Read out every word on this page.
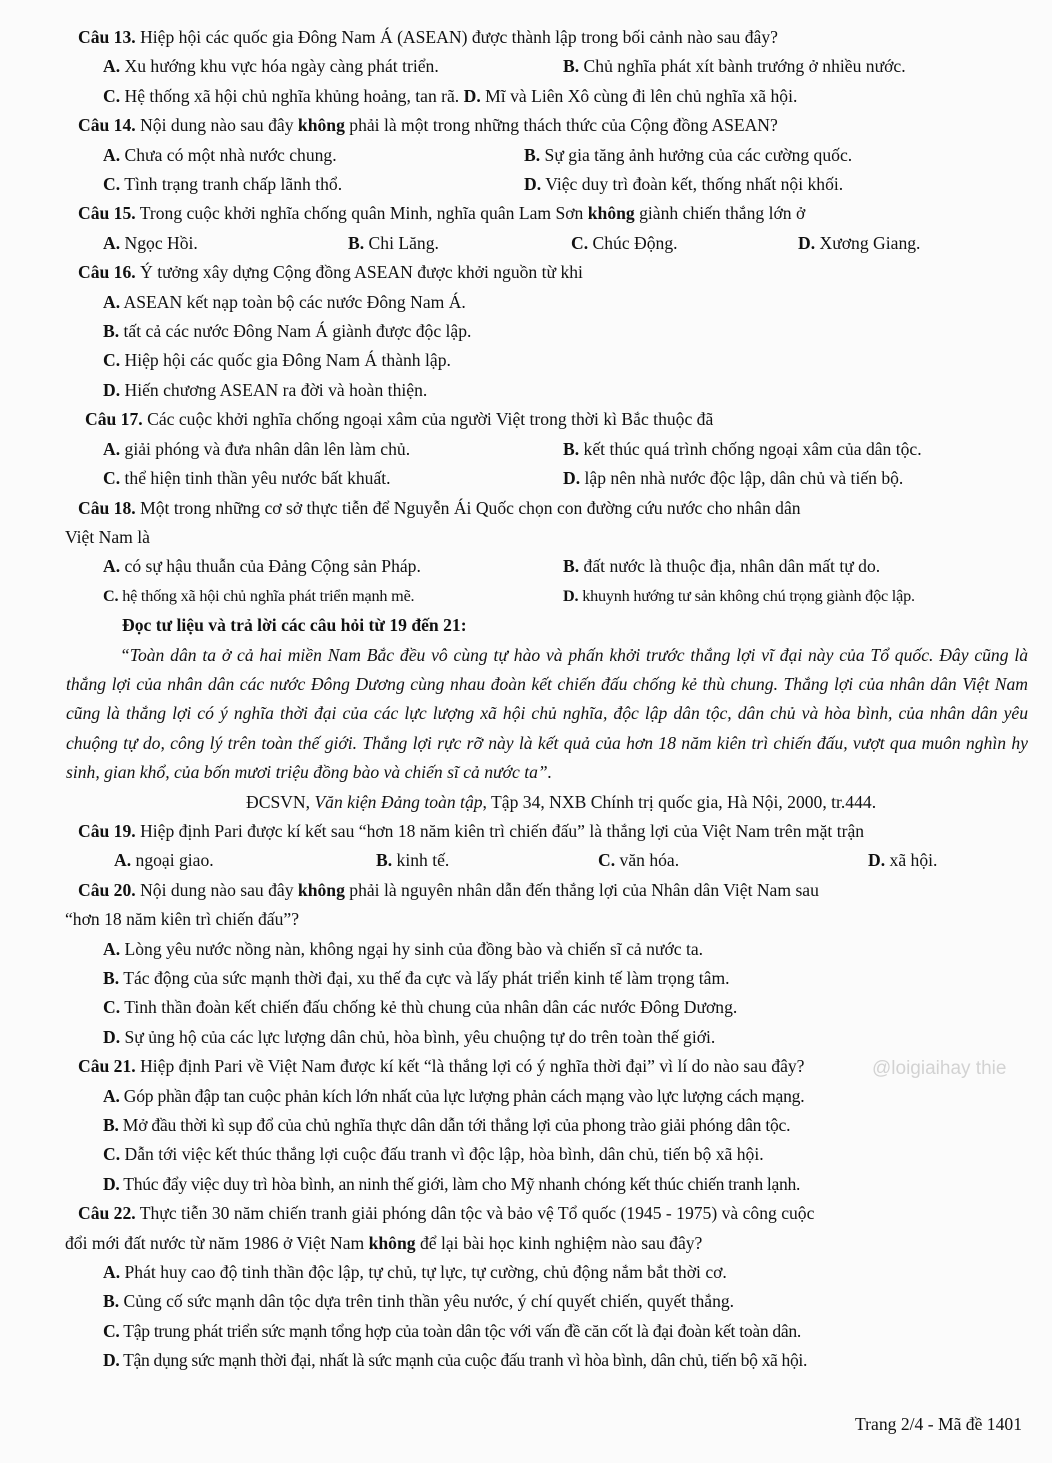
Câu 13. Hiệp hội các quốc gia Đông Nam Á (ASEAN) được thành lập trong bối cảnh nào sau đây?

A. Xu hướng khu vực hóa ngày càng phát triển.	B. Chủ nghĩa phát xít bành trướng ở nhiều nước.
C. Hệ thống xã hội chủ nghĩa khủng hoảng, tan rã. D. Mĩ và Liên Xô cùng đi lên chủ nghĩa xã hội.

Câu 14. Nội dung nào sau đây không phải là một trong những thách thức của Cộng đồng ASEAN?

A. Chưa có một nhà nước chung.	B. Sự gia tăng ảnh hưởng của các cường quốc.
C. Tình trạng tranh chấp lãnh thổ.	D. Việc duy trì đoàn kết, thống nhất nội khối.

Câu 15. Trong cuộc khởi nghĩa chống quân Minh, nghĩa quân Lam Sơn không giành chiến thắng lớn ở

A. Ngọc Hồi.	B. Chi Lăng.	C. Chúc Động.	D. Xương Giang.

Câu 16. Ý tưởng xây dựng Cộng đồng ASEAN được khởi nguồn từ khi

A. ASEAN kết nạp toàn bộ các nước Đông Nam Á.
B. tất cả các nước Đông Nam Á giành được độc lập.
C. Hiệp hội các quốc gia Đông Nam Á thành lập.
D. Hiến chương ASEAN ra đời và hoàn thiện.

Câu 17. Các cuộc khởi nghĩa chống ngoại xâm của người Việt trong thời kì Bắc thuộc đã

A. giải phóng và đưa nhân dân lên làm chủ.	B. kết thúc quá trình chống ngoại xâm của dân tộc.
C. thể hiện tinh thần yêu nước bất khuất.	D. lập nên nhà nước độc lập, dân chủ và tiến bộ.

Câu 18. Một trong những cơ sở thực tiễn để Nguyễn Ái Quốc chọn con đường cứu nước cho nhân dân
Việt Nam là

A. có sự hậu thuẫn của Đảng Cộng sản Pháp.	B. đất nước là thuộc địa, nhân dân mất tự do.
C. hệ thống xã hội chủ nghĩa phát triển mạnh mẽ.	D. khuynh hướng tư sản không chú trọng giành độc lập.

Đọc tư liệu và trả lời các câu hỏi từ 19 đến 21:

“Toàn dân ta ở cả hai miền Nam Bắc đều vô cùng tự hào và phấn khởi trước thắng lợi vĩ đại này của Tổ quốc. Đây cũng là thắng lợi của nhân dân các nước Đông Dương cùng nhau đoàn kết chiến đấu chống kẻ thù chung. Thắng lợi của nhân dân Việt Nam cũng là thắng lợi có ý nghĩa thời đại của các lực lượng xã hội chủ nghĩa, độc lập dân tộc, dân chủ và hòa bình, của nhân dân yêu chuộng tự do, công lý trên toàn thế giới. Thắng lợi rực rỡ này là kết quả của hơn 18 năm kiên trì chiến đấu, vượt qua muôn nghìn hy sinh, gian khổ, của bốn mươi triệu đồng bào và chiến sĩ cả nước ta”.

ĐCSVN, Văn kiện Đảng toàn tập, Tập 34, NXB Chính trị quốc gia, Hà Nội, 2000, tr.444.

Câu 19. Hiệp định Pari được kí kết sau “hơn 18 năm kiên trì chiến đấu” là thắng lợi của Việt Nam trên mặt trận

A. ngoại giao.	B. kinh tế.	C. văn hóa.	D. xã hội.

Câu 20. Nội dung nào sau đây không phải là nguyên nhân dẫn đến thắng lợi của Nhân dân Việt Nam sau
“hơn 18 năm kiên trì chiến đấu”?

A. Lòng yêu nước nồng nàn, không ngại hy sinh của đồng bào và chiến sĩ cả nước ta.
B. Tác động của sức mạnh thời đại, xu thế đa cực và lấy phát triển kinh tế làm trọng tâm.
C. Tinh thần đoàn kết chiến đấu chống kẻ thù chung của nhân dân các nước Đông Dương.
D. Sự ủng hộ của các lực lượng dân chủ, hòa bình, yêu chuộng tự do trên toàn thế giới.

Câu 21. Hiệp định Pari về Việt Nam được kí kết “là thắng lợi có ý nghĩa thời đại” vì lí do nào sau đây?

A. Góp phần đập tan cuộc phản kích lớn nhất của lực lượng phản cách mạng vào lực lượng cách mạng.
B. Mở đầu thời kì sụp đổ của chủ nghĩa thực dân dẫn tới thắng lợi của phong trào giải phóng dân tộc.
C. Dẫn tới việc kết thúc thắng lợi cuộc đấu tranh vì độc lập, hòa bình, dân chủ, tiến bộ xã hội.
D. Thúc đẩy việc duy trì hòa bình, an ninh thế giới, làm cho Mỹ nhanh chóng kết thúc chiến tranh lạnh.

Câu 22. Thực tiễn 30 năm chiến tranh giải phóng dân tộc và bảo vệ Tổ quốc (1945 - 1975) và công cuộc
đổi mới đất nước từ năm 1986 ở Việt Nam không để lại bài học kinh nghiệm nào sau đây?

A. Phát huy cao độ tinh thần độc lập, tự chủ, tự lực, tự cường, chủ động nắm bắt thời cơ.
B. Củng cố sức mạnh dân tộc dựa trên tinh thần yêu nước, ý chí quyết chiến, quyết thắng.
C. Tập trung phát triển sức mạnh tổng hợp của toàn dân tộc với vấn đề căn cốt là đại đoàn kết toàn dân.
D. Tận dụng sức mạnh thời đại, nhất là sức mạnh của cuộc đấu tranh vì hòa bình, dân chủ, tiến bộ xã hội.
@loigiaihay thie
Trang 2/4 - Mã đề 1401
